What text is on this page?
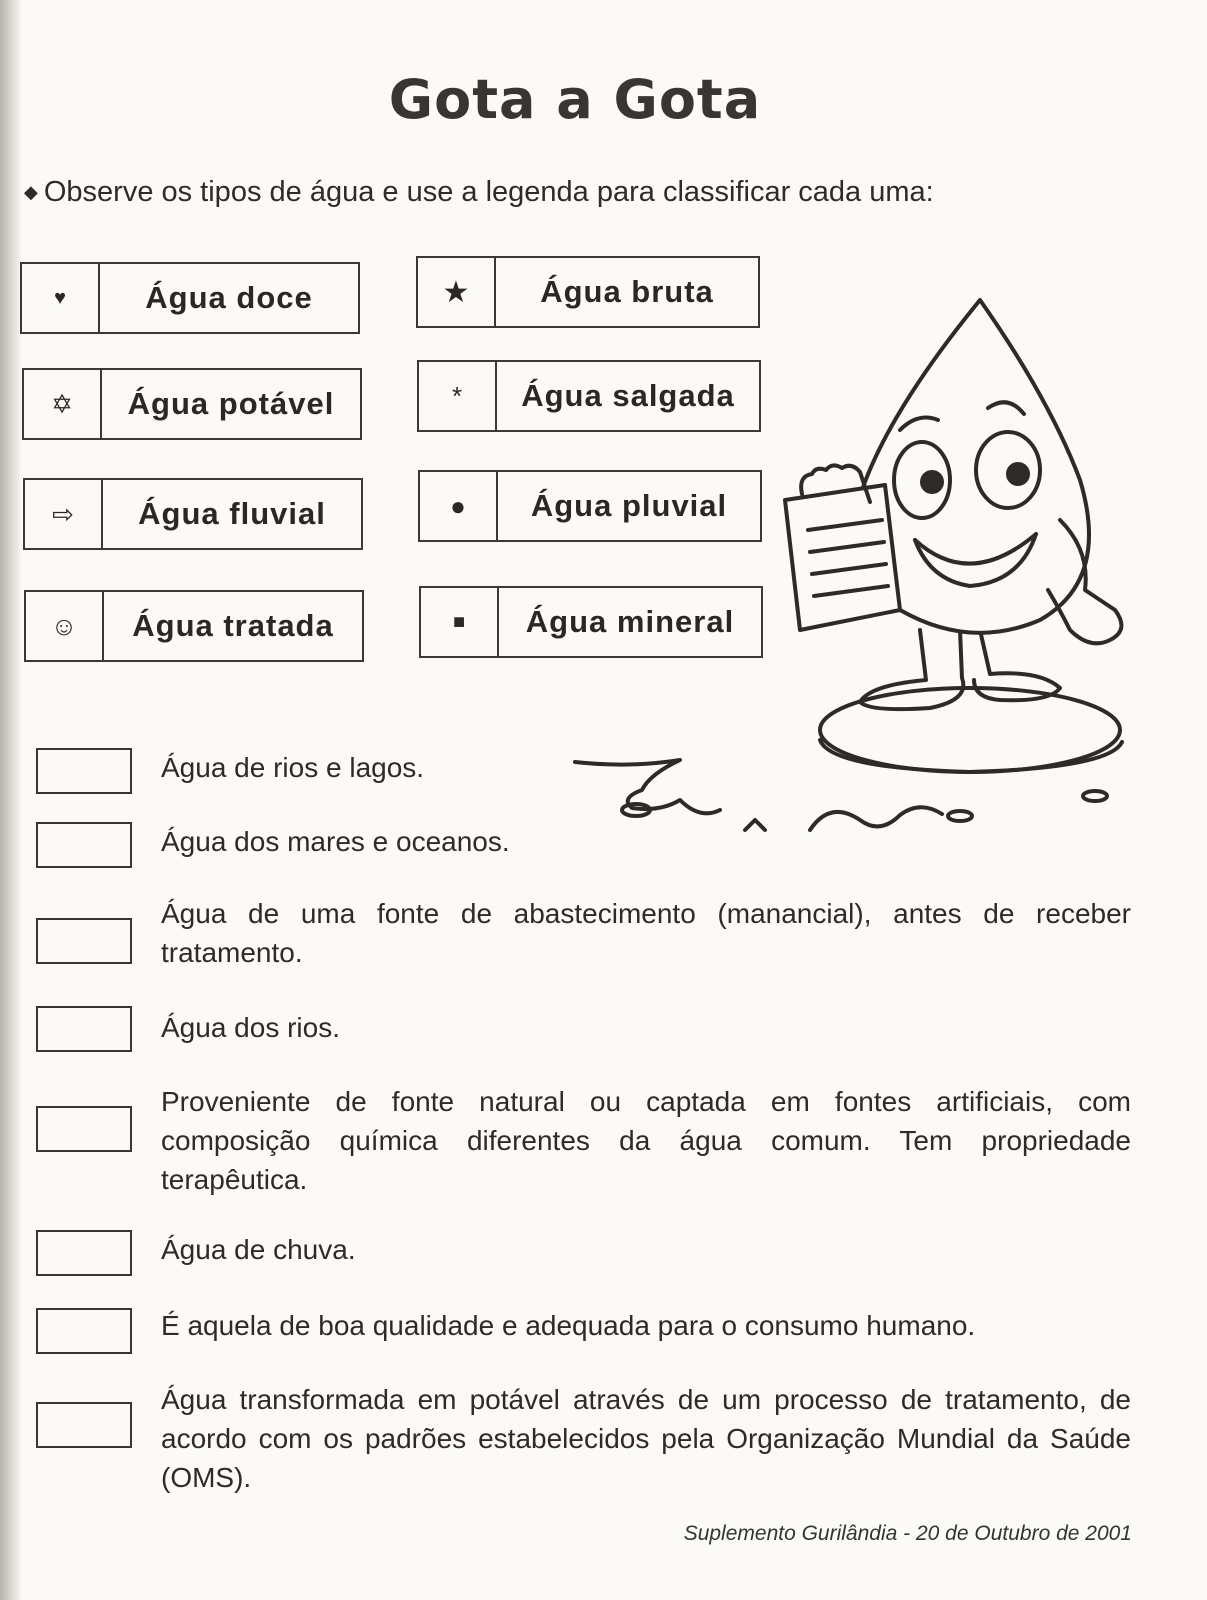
Gota a Gota
◆ Observe os tipos de água e use a legenda para classificar cada uma:
♥	Água doce
✡	Água potável
⇨	Água fluvial
☺	Água tratada
★	Água bruta
*	Água salgada
●	Água pluvial
■	Água mineral
Água de rios e lagos.
Água dos mares e oceanos.
Água de uma fonte de abastecimento (manancial), antes de receber tratamento.
Água dos rios.
Proveniente de fonte natural ou captada em fontes artificiais, com composição química diferentes da água comum. Tem propriedade terapêutica.
Água de chuva.
É aquela de boa qualidade e adequada para o consumo humano.
Água transformada em potável através de um processo de tratamento, de acordo com os padrões estabelecidos pela Organização Mundial da Saúde (OMS).
Suplemento Gurilândia - 20 de Outubro de 2001
